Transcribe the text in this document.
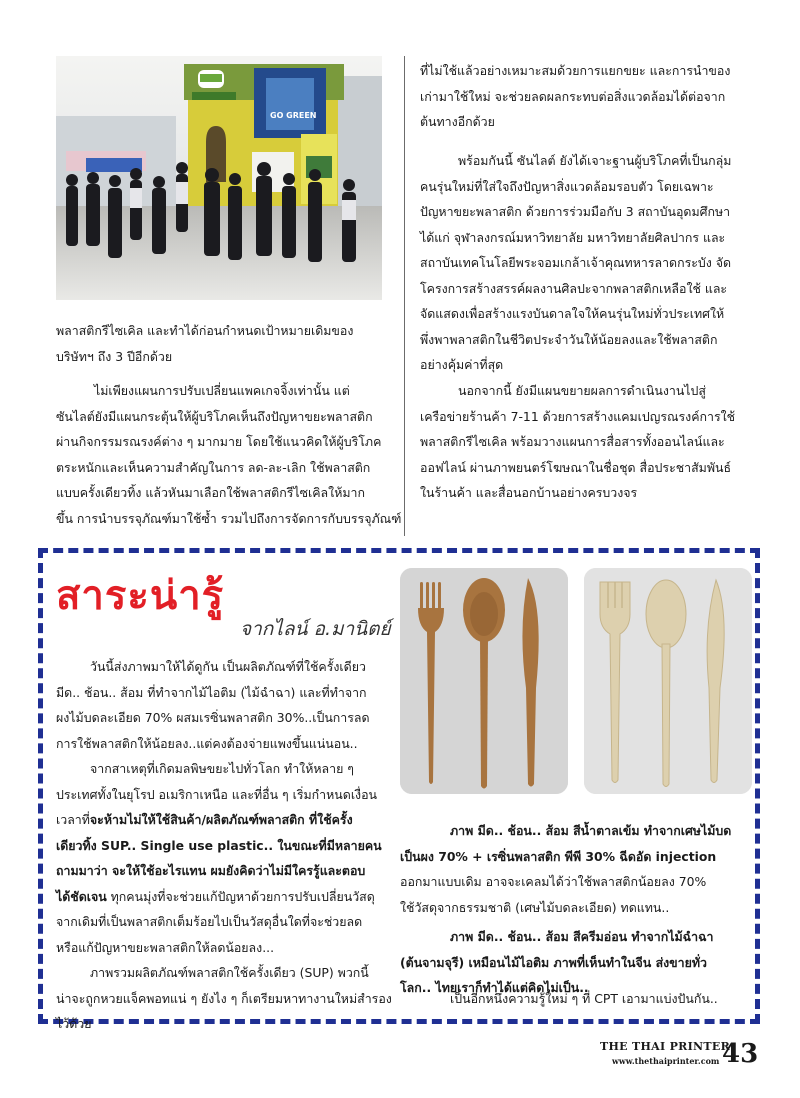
GO GREEN
พลาสติกรีไซเคิล และทำได้ก่อนกำหนดเป้าหมายเดิมของ
บริษัทฯ ถึง 3 ปีอีกด้วย
ไม่เพียงแผนการปรับเปลี่ยนแพคเกจจิ้งเท่านั้น แต่
ซันไลต์ยังมีแผนกระตุ้นให้ผู้บริโภคเห็นถึงปัญหาขยะพลาสติก
ผ่านกิจกรรมรณรงค์ต่าง ๆ มากมาย โดยใช้แนวคิดให้ผู้บริโภค
ตระหนักและเห็นความสำคัญในการ ลด-ละ-เลิก ใช้พลาสติก
แบบครั้งเดียวทิ้ง แล้วหันมาเลือกใช้พลาสติกรีไซเคิลให้มาก
ขึ้น การนำบรรจุภัณฑ์มาใช้ซ้ำ รวมไปถึงการจัดการกับบรรจุภัณฑ์
ที่ไม่ใช้แล้วอย่างเหมาะสมด้วยการแยกขยะ และการนำของ
เก่ามาใช้ใหม่ จะช่วยลดผลกระทบต่อสิ่งแวดล้อมได้ต่อจาก
ต้นทางอีกด้วย
พร้อมกันนี้ ซันไลต์ ยังได้เจาะฐานผู้บริโภคที่เป็นกลุ่ม
คนรุ่นใหม่ที่ใส่ใจถึงปัญหาสิ่งแวดล้อมรอบตัว โดยเฉพาะ
ปัญหาขยะพลาสติก ด้วยการร่วมมือกับ 3 สถาบันอุดมศึกษา
ได้แก่ จุฬาลงกรณ์มหาวิทยาลัย มหาวิทยาลัยศิลปากร และ
สถาบันเทคโนโลยีพระจอมเกล้าเจ้าคุณทหารลาดกระบัง จัด
โครงการสร้างสรรค์ผลงานศิลปะจากพลาสติกเหลือใช้ และ
จัดแสดงเพื่อสร้างแรงบันดาลใจให้คนรุ่นใหม่ทั่วประเทศให้
พึ่งพาพลาสติกในชีวิตประจำวันให้น้อยลงและใช้พลาสติก
อย่างคุ้มค่าที่สุด
นอกจากนี้ ยังมีแผนขยายผลการดำเนินงานไปสู่
เครือข่ายร้านค้า 7-11 ด้วยการสร้างแคมเปญรณรงค์การใช้
พลาสติกรีไซเคิล พร้อมวางแผนการสื่อสารทั้งออนไลน์และ
ออฟไลน์ ผ่านภาพยนตร์โฆษณาในชื่อชุด สื่อประชาสัมพันธ์
ในร้านค้า และสื่อนอกบ้านอย่างครบวงจร
สาระน่ารู้
จากไลน์ อ.มานิตย์
วันนี้ส่งภาพมาให้ได้ดูกัน เป็นผลิตภัณฑ์ที่ใช้ครั้งเดียว
มีด.. ช้อน.. ส้อม ที่ทำจากไม้ไอติม (ไม้ฉำฉา) และที่ทำจาก
ผงไม้บดละเอียด 70% ผสมเรซิ่นพลาสติก 30%..เป็นการลด
การใช้พลาสติกให้น้อยลง..แต่คงต้องจ่ายแพงขึ้นแน่นอน..
จากสาเหตุที่เกิดมลพิษขยะไปทั่วโลก ทำให้หลาย ๆ
ประเทศทั้งในยุโรป อเมริกาเหนือ และที่อื่น ๆ เริ่มกำหนดเงื่อน
เวลาที่จะห้ามไม่ให้ใช้สินค้า/ผลิตภัณฑ์พลาสติก ที่ใช้ครั้ง
เดียวทิ้ง SUP.. Single use plastic.. ในขณะที่มีหลายคน
ถามมาว่า จะให้ใช้อะไรแทน ผมยังคิดว่าไม่มีใครรู้และตอบ
ได้ชัดเจน ทุกคนมุ่งที่จะช่วยแก้ปัญหาด้วยการปรับเปลี่ยนวัสดุ
จากเดิมที่เป็นพลาสติกเต็มร้อยไปเป็นวัสดุอื่นใดที่จะช่วยลด
หรือแก้ปัญหาขยะพลาสติกให้ลดน้อยลง...
ภาพรวมผลิตภัณฑ์พลาสติกใช้ครั้งเดียว (SUP) พวกนี้
น่าจะถูกหวยแจ็คพอทแน่ ๆ ยังไง ๆ ก็เตรียมหาทางานใหม่สำรอง
ไว้ด้วย
ภาพ มีด.. ช้อน.. ส้อม สีน้ำตาลเข้ม ทำจากเศษไม้บด
เป็นผง 70% + เรซิ่นพลาสติก พีพี 30% ฉีดอัด injection
ออกมาแบบเดิม อาจจะเคลมได้ว่าใช้พลาสติกน้อยลง 70%
ใช้วัสดุจากธรรมชาติ (เศษไม้บดละเอียด) ทดแทน..
ภาพ มีด.. ช้อน.. ส้อม สีครีมอ่อน ทำจากไม้ฉำฉา
(ต้นจามจุรี) เหมือนไม้ไอติม ภาพที่เห็นทำในจีน ส่งขายทั่ว
โลก.. ไทยเราก็ทำได้แต่คิดไม่เป็น..
เป็นอีกหนึ่งความรู้ใหม่ ๆ ที่ CPT เอามาแบ่งปันกัน..
THE THAI PRINTER
www.thethaiprinter.com 43
